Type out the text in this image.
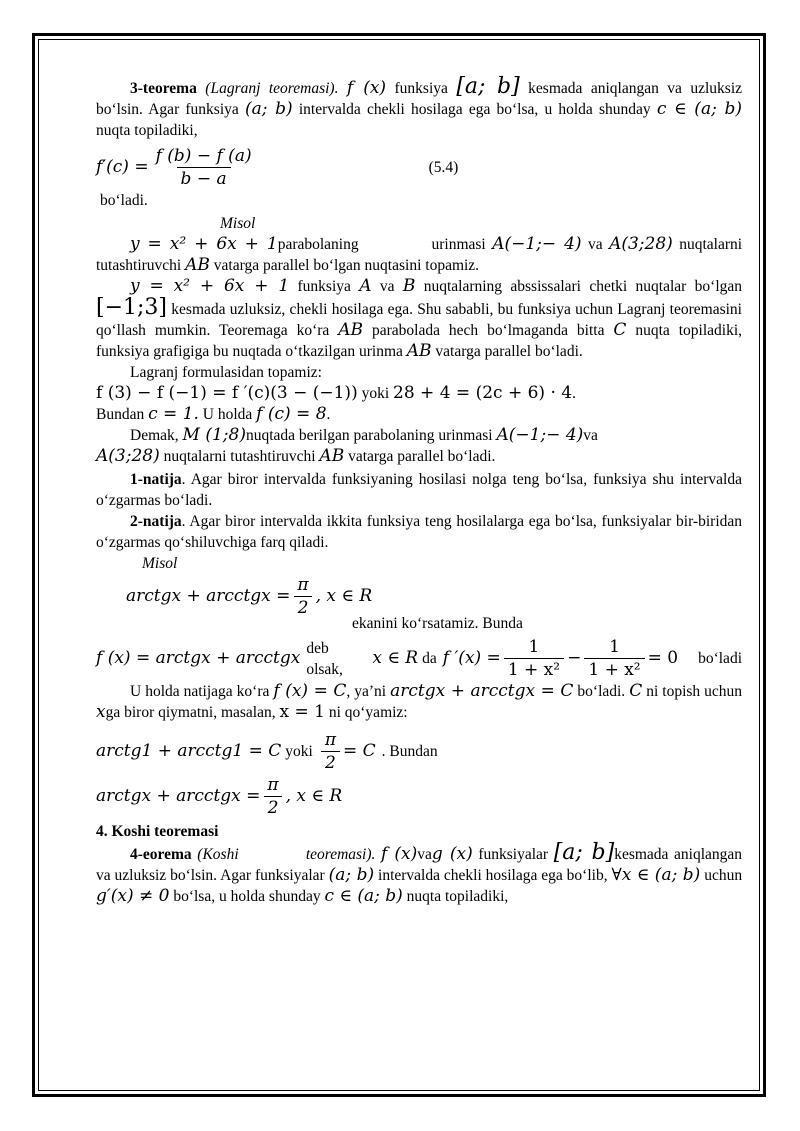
3-teorema (Lagranj teoremasi). f (x) funksiya [a; b] kesmada aniqlangan va uzluksiz bo‘lsin. Agar funksiya (a; b) intervalda chekli hosilaga ega bo‘lsa, u holda shunday c ∈ (a; b) nuqta topiladiki,

$f'(c) = \frac{f (b) - f (a)}{b - a}$	(5.4)

bo‘ladi.

Misol

y = x² + 6x + 1parabolaning	urinmasi A(−1;− 4) va A(3;28) nuqtalarni tutashtiruvchi AB vatarga parallel bo‘lgan nuqtasini topamiz.

y = x² + 6x + 1 funksiya A va B nuqtalarning abssissalari chetki nuqtalar bo‘lgan [−1;3] kesmada uzluksiz, chekli hosilaga ega. Shu sababli, bu funksiya uchun Lagranj teoremasini qo‘llash mumkin. Teoremaga ko‘ra AB parabolada hech bo‘lmaganda bitta C nuqta topiladiki, funksiya grafigiga bu nuqtada o‘tkazilgan urinma AB vatarga parallel bo‘ladi.

Lagranj formulasidan topamiz:

f (3) − f (−1) = f ′(c)(3 − (−1)) yoki 28 + 4 = (2c + 6) · 4.

Bundan c = 1. U holda f (c) = 8.

Demak, M (1;8)nuqtada berilgan parabolaning urinmasi A(−1;− 4)va
A(3;28) nuqtalarni tutashtiruvchi AB vatarga parallel bo‘ladi.

1-natija. Agar biror intervalda funksiyaning hosilasi nolga teng bo‘lsa, funksiya shu intervalda o‘zgarmas bo‘ladi.

2-natija. Agar biror intervalda ikkita funksiya teng hosilalarga ega bo‘lsa, funksiyalar bir-biridan o‘zgarmas qo‘shiluvchiga farq qiladi.

Misol

arctgx + arcctgx = $\frac{\pi}{2}$ , x ∈ R

ekanini ko‘rsatamiz. Bunda

f (x) = arctgx + arcctgx deb olsak,
x ∈ R da f $'(x) = \frac{1}{\text{1 + x²}} - \frac{1}{\text{1 + x²}} = 0$ bo‘ladi

U holda natijaga ko‘ra f (x) = C, ya’ni arctgx + arcctgx = C bo‘ladi. C ni topish uchun xga biror qiymatni, masalan, x = 1 ni qo‘yamiz:

arctg1 + arcctg1 = C yoki $\frac{\pi}{2} = C$ . Bundan
arctgx + arcctgx = $\frac{\pi}{2}$ , x ∈ R

4. Koshi teoremasi

4-eorema (Koshi	teoremasi). f (x)vag (x) funksiyalar [a; b]kesmada aniqlangan va uzluksiz bo‘lsin. Agar funksiyalar (a; b) intervalda chekli hosilaga ega bo‘lib, ∀x ∈ (a; b) uchun g′(x) ≠ 0 bo‘lsa, u holda shunday c ∈ (a; b) nuqta topiladiki,
